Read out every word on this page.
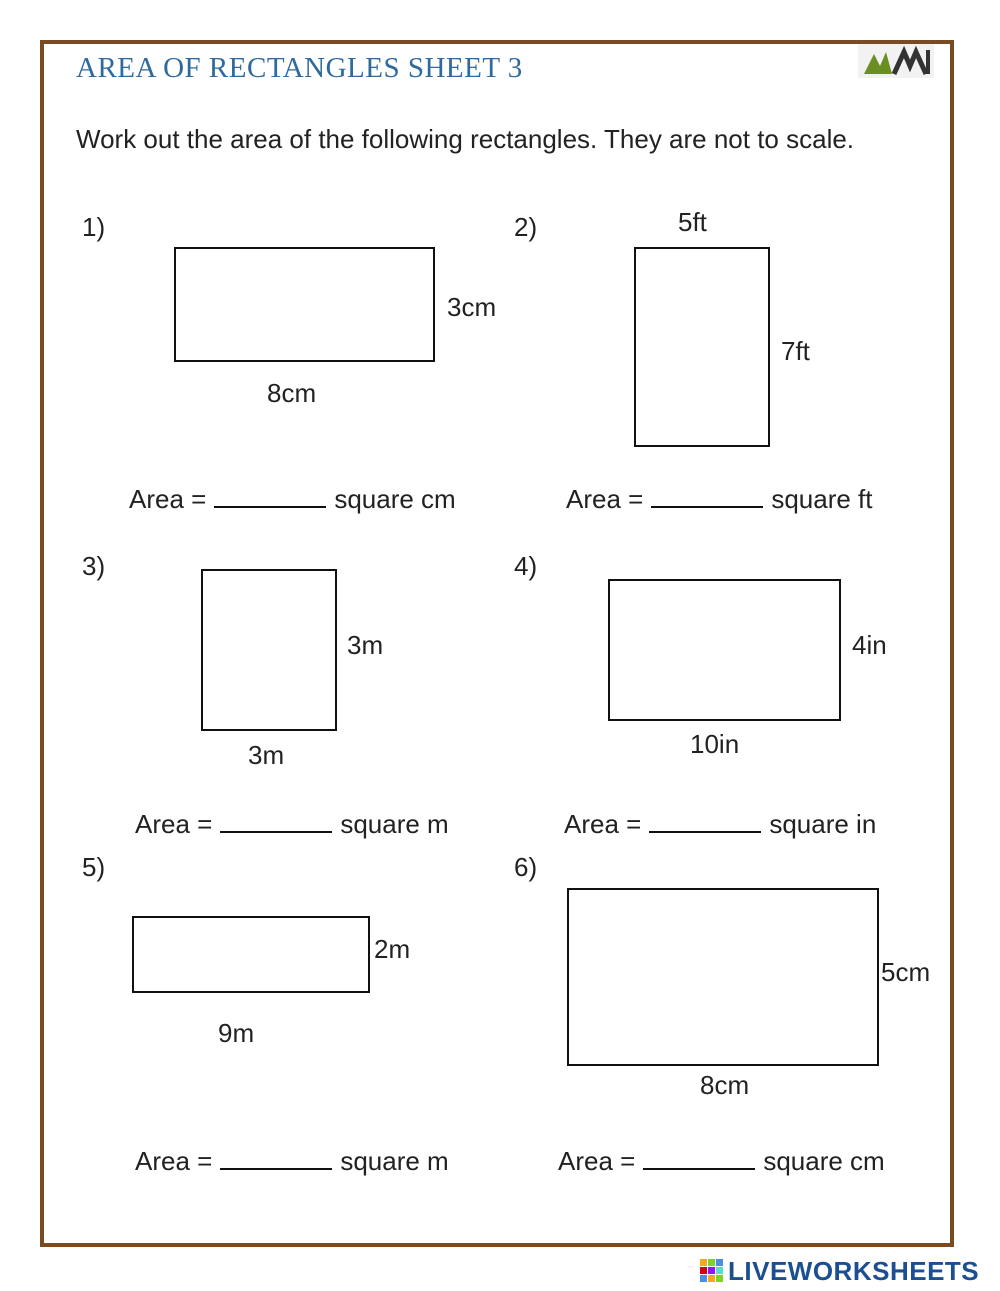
AREA OF RECTANGLES SHEET 3

Work out the area of the following rectangles. They are not to scale.

1)
3cm
8cm
Area =	square cm
2)	5ft
7ft
Area =	square ft
3)
3m
3m
Area =	square m
4)
4in
10in
Area =	square in
5)
2m
9m
Area =	square m
6)
5cm
8cm
Area =	square cm
LIVEWORKSHEETS
